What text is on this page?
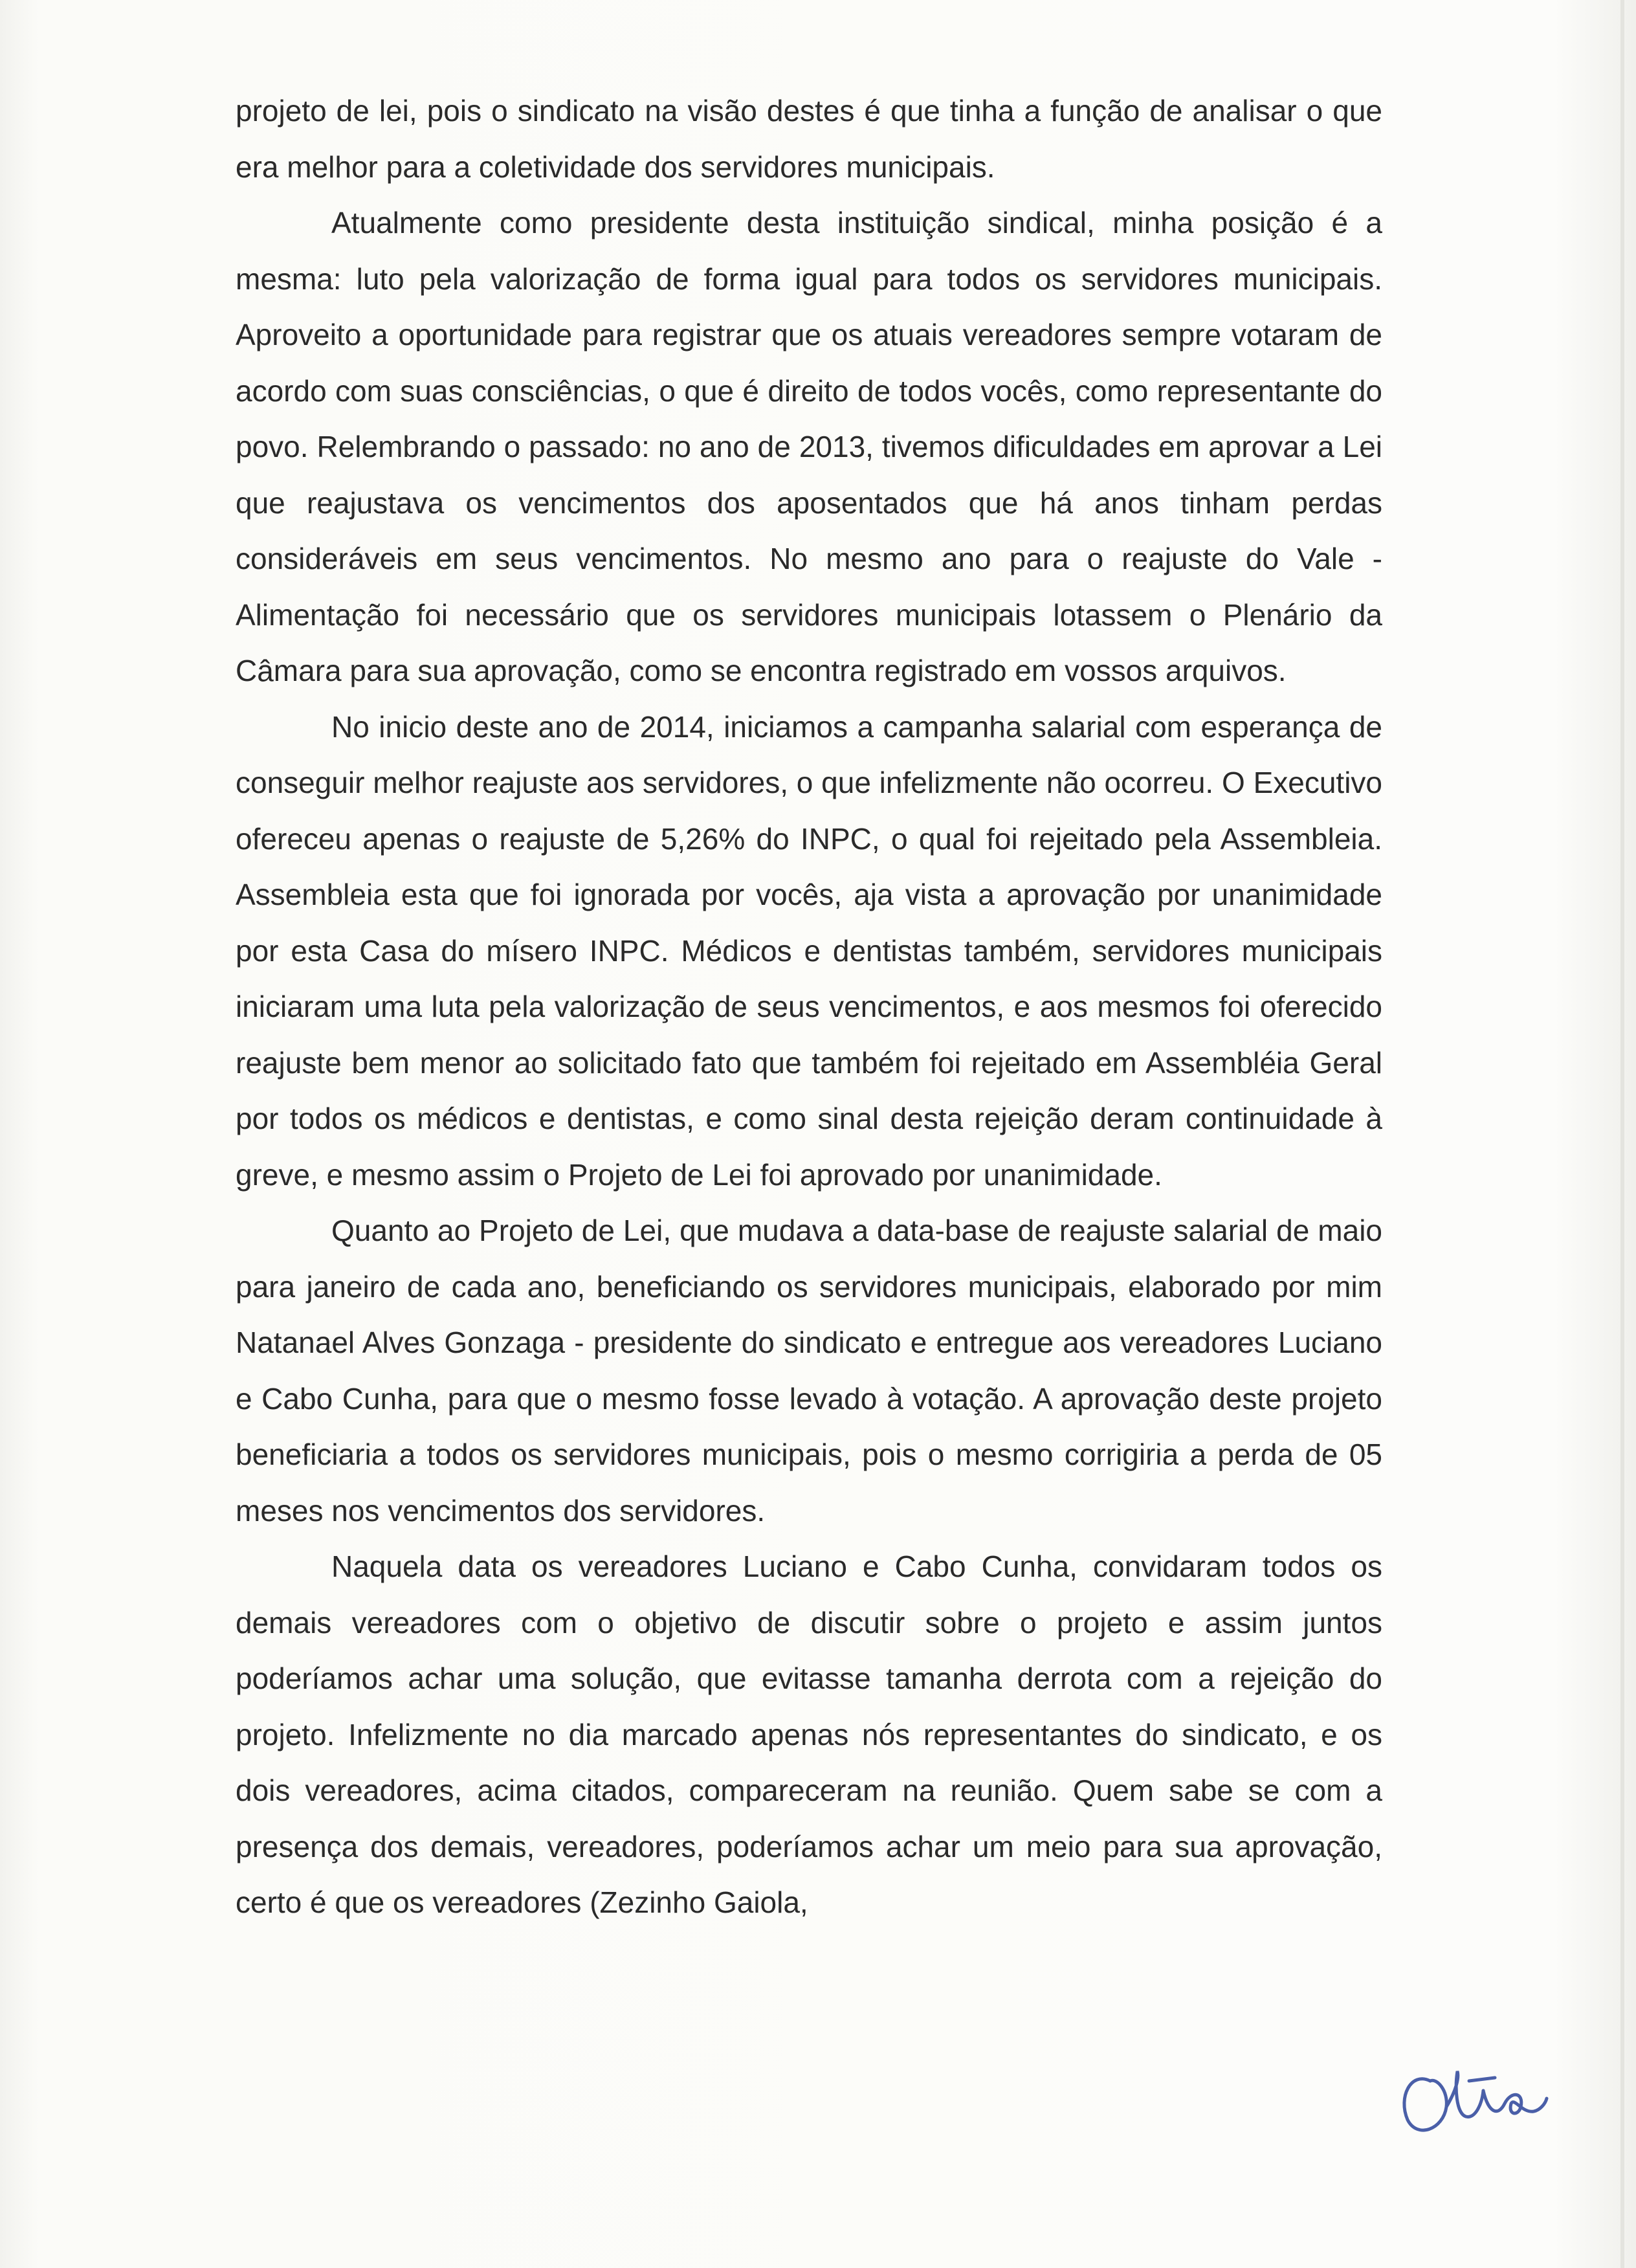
projeto de lei, pois o sindicato na visão destes é que tinha a função de analisar o que era melhor para a coletividade dos servidores municipais.

Atualmente como presidente desta instituição sindical, minha posição é a mesma: luto pela valorização de forma igual para todos os servidores municipais. Aproveito a oportunidade para registrar que os atuais vereadores sempre votaram de acordo com suas consciências, o que é direito de todos vocês, como representante do povo. Relembrando o passado: no ano de 2013, tivemos dificuldades em aprovar a Lei que reajustava os vencimentos dos aposentados que há anos tinham perdas consideráveis em seus vencimentos. No mesmo ano para o reajuste do Vale - Alimentação foi necessário que os servidores municipais lotassem o Plenário da Câmara para sua aprovação, como se encontra registrado em vossos arquivos.

No inicio deste ano de 2014, iniciamos a campanha salarial com esperança de conseguir melhor reajuste aos servidores, o que infelizmente não ocorreu. O Executivo ofereceu apenas o reajuste de 5,26% do INPC, o qual foi rejeitado pela Assembleia. Assembleia esta que foi ignorada por vocês, aja vista a aprovação por unanimidade por esta Casa do mísero INPC. Médicos e dentistas também, servidores municipais iniciaram uma luta pela valorização de seus vencimentos, e aos mesmos foi oferecido reajuste bem menor ao solicitado fato que também foi rejeitado em Assembléia Geral por todos os médicos e dentistas, e como sinal desta rejeição deram continuidade à greve, e mesmo assim o Projeto de Lei foi aprovado por unanimidade.

Quanto ao Projeto de Lei, que mudava a data-base de reajuste salarial de maio para janeiro de cada ano, beneficiando os servidores municipais, elaborado por mim Natanael Alves Gonzaga - presidente do sindicato e entregue aos vereadores Luciano e Cabo Cunha, para que o mesmo fosse levado à votação. A aprovação deste projeto beneficiaria a todos os servidores municipais, pois o mesmo corrigiria a perda de 05 meses nos vencimentos dos servidores.

Naquela data os vereadores Luciano e Cabo Cunha, convidaram todos os demais vereadores com o objetivo de discutir sobre o projeto e assim juntos poderíamos achar uma solução, que evitasse tamanha derrota com a rejeição do projeto. Infelizmente no dia marcado apenas nós representantes do sindicato, e os dois vereadores, acima citados, compareceram na reunião. Quem sabe se com a presença dos demais, vereadores, poderíamos achar um meio para sua aprovação, certo é que os vereadores (Zezinho Gaiola,
